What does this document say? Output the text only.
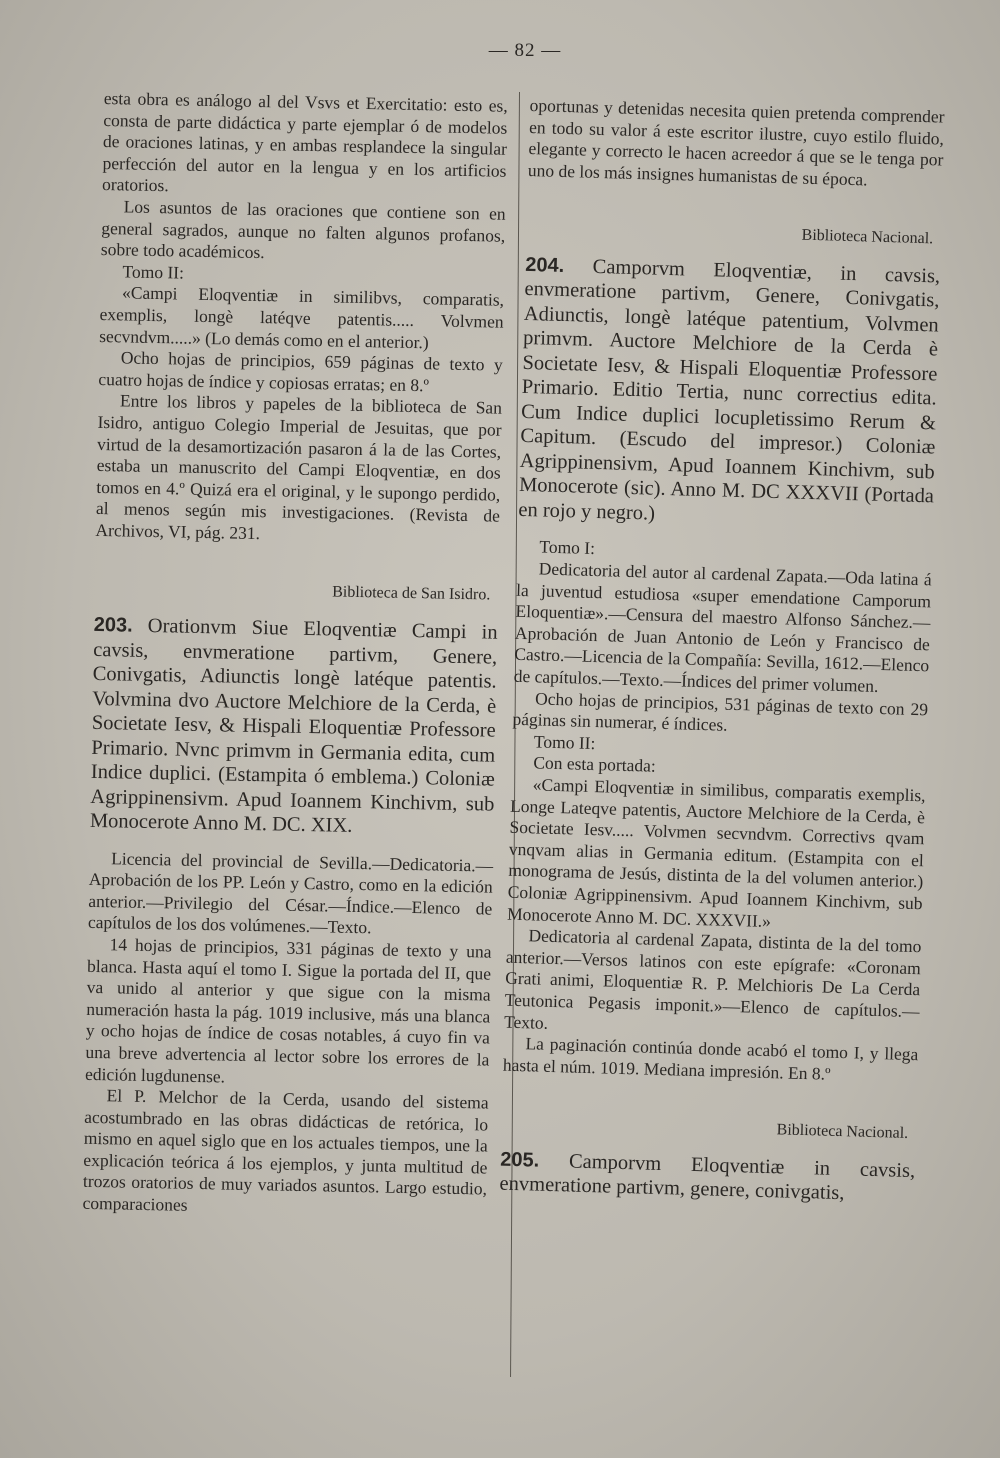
— 82 —

esta obra es análogo al del Vsvs et Exercitatio: esto es, consta de parte didáctica y parte ejemplar ó de modelos de oraciones latinas, y en ambas resplandece la singular perfección del autor en la lengua y en los artificios oratorios.

Los asuntos de las oraciones que contiene son en general sagrados, aunque no falten algunos profanos, sobre todo académicos.

Tomo II:

«Campi Eloqventiæ in similibvs, comparatis, exemplis, longè latéqve patentis..... Volvmen secvndvm.....» (Lo demás como en el anterior.)

Ocho hojas de principios, 659 páginas de texto y cuatro hojas de índice y copiosas erratas; en 8.º

Entre los libros y papeles de la biblioteca de San Isidro, antiguo Colegio Imperial de Jesuitas, que por virtud de la desamortización pasaron á la de las Cortes, estaba un manuscrito del Campi Eloqventiæ, en dos tomos en 4.º Quizá era el original, y le supongo perdido, al menos según mis investigaciones. (Revista de Archivos, VI, pág. 231.

Biblioteca de San Isidro.

203. Orationvm Siue Eloqventiæ Campi in cavsis, envmeratione partivm, Genere, Conivgatis, Adiunctis longè latéque patentis. Volvmina dvo Auctore Melchiore de la Cerda, è Societate Iesv, & Hispali Eloquentiæ Professore Primario. Nvnc primvm in Germania edita, cum Indice duplici. (Estampita ó emblema.) Coloniæ Agrippinensivm. Apud Ioannem Kinchivm, sub Monocerote Anno M. DC. XIX.

Licencia del provincial de Sevilla.—Dedicatoria.—Aprobación de los PP. León y Castro, como en la edición anterior.—Privilegio del César.—Índice.—Elenco de capítulos de los dos volúmenes.—Texto.

14 hojas de principios, 331 páginas de texto y una blanca. Hasta aquí el tomo I. Sigue la portada del II, que va unido al anterior y que sigue con la misma numeración hasta la pág. 1019 inclusive, más una blanca y ocho hojas de índice de cosas notables, á cuyo fin va una breve advertencia al lector sobre los errores de la edición lugdunense.

El P. Melchor de la Cerda, usando del sistema acostumbrado en las obras didácticas de retórica, lo mismo en aquel siglo que en los actuales tiempos, une la explicación teórica á los ejemplos, y junta multitud de trozos oratorios de muy variados asuntos. Largo estudio, comparaciones

oportunas y detenidas necesita quien pretenda comprender en todo su valor á este escritor ilustre, cuyo estilo fluido, elegante y correcto le hacen acreedor á que se le tenga por uno de los más insignes humanistas de su época.

Biblioteca Nacional.

204. Camporvm Eloqventiæ, in cavsis, envmeratione partivm, Genere, Conivgatis, Adiunctis, longè latéque patentium, Volvmen primvm. Auctore Melchiore de la Cerda è Societate Iesv, & Hispali Eloquentiæ Professore Primario. Editio Tertia, nunc correctius edita. Cum Indice duplici locupletissimo Rerum & Capitum. (Escudo del impresor.) Coloniæ Agrippinensivm, Apud Ioannem Kinchivm, sub Monocerote (sic). Anno M. DC XXXVII (Portada en rojo y negro.)

Tomo I:

Dedicatoria del autor al cardenal Zapata.—Oda latina á la juventud estudiosa «super emendatione Camporum Eloquentiæ».—Censura del maestro Alfonso Sánchez.—Aprobación de Juan Antonio de León y Francisco de Castro.—Licencia de la Compañía: Sevilla, 1612.—Elenco de capítulos.—Texto.—Índices del primer volumen.

Ocho hojas de principios, 531 páginas de texto con 29 páginas sin numerar, é índices.

Tomo II:

Con esta portada:

«Campi Eloqventiæ in similibus, comparatis exemplis, Longe Lateqve patentis, Auctore Melchiore de la Cerda, è Societate Iesv..... Volvmen secvndvm. Correctivs qvam vnqvam alias in Germania editum. (Estampita con el monograma de Jesús, distinta de la del volumen anterior.) Coloniæ Agrippinensivm. Apud Ioannem Kinchivm, sub Monocerote Anno M. DC. XXXVII.»

Dedicatoria al cardenal Zapata, distinta de la del tomo anterior.—Versos latinos con este epígrafe: «Coronam Grati animi, Eloquentiæ R. P. Melchioris De La Cerda Teutonica Pegasis imponit.»—Elenco de capítulos.—Texto.

La paginación continúa donde acabó el tomo I, y llega hasta el núm. 1019. Mediana impresión. En 8.º

Biblioteca Nacional.

205. Camporvm Eloqventiæ in cavsis, envmeratione partivm, genere, conivgatis,
